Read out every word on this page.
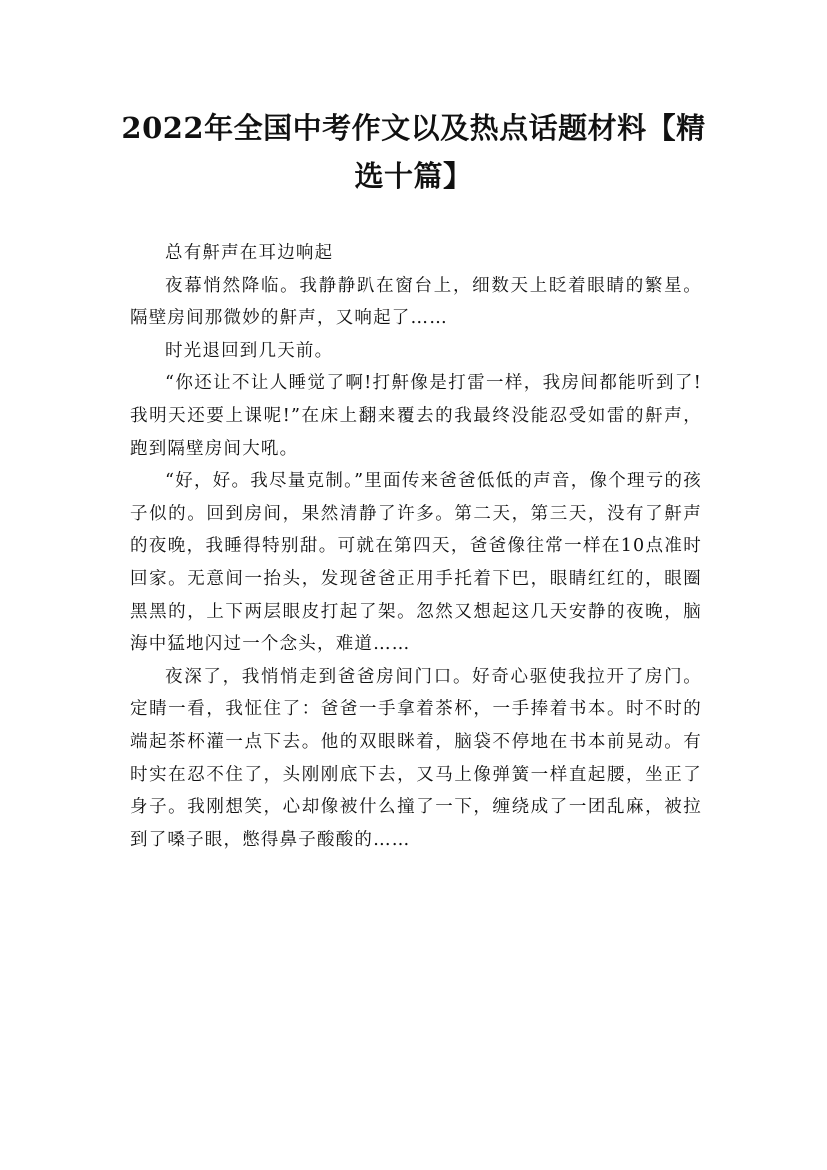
2022年全国中考作文以及热点话题材料【精选十篇】

总有鼾声在耳边响起

夜幕悄然降临。我静静趴在窗台上，细数天上眨着眼睛的繁星。隔壁房间那微妙的鼾声，又响起了……

时光退回到几天前。

“你还让不让人睡觉了啊!打鼾像是打雷一样，我房间都能听到了!我明天还要上课呢!”在床上翻来覆去的我最终没能忍受如雷的鼾声，跑到隔壁房间大吼。

“好，好。我尽量克制。”里面传来爸爸低低的声音，像个理亏的孩子似的。回到房间，果然清静了许多。第二天，第三天，没有了鼾声的夜晚，我睡得特别甜。可就在第四天，爸爸像往常一样在10点准时回家。无意间一抬头，发现爸爸正用手托着下巴，眼睛红红的，眼圈黑黑的，上下两层眼皮打起了架。忽然又想起这几天安静的夜晚，脑海中猛地闪过一个念头，难道……

夜深了，我悄悄走到爸爸房间门口。好奇心驱使我拉开了房门。定睛一看，我怔住了：爸爸一手拿着茶杯，一手捧着书本。时不时的端起茶杯灌一点下去。他的双眼眯着，脑袋不停地在书本前晃动。有时实在忍不住了，头刚刚底下去，又马上像弹簧一样直起腰，坐正了身子。我刚想笑，心却像被什么撞了一下，缠绕成了一团乱麻，被拉到了嗓子眼，憋得鼻子酸酸的……
